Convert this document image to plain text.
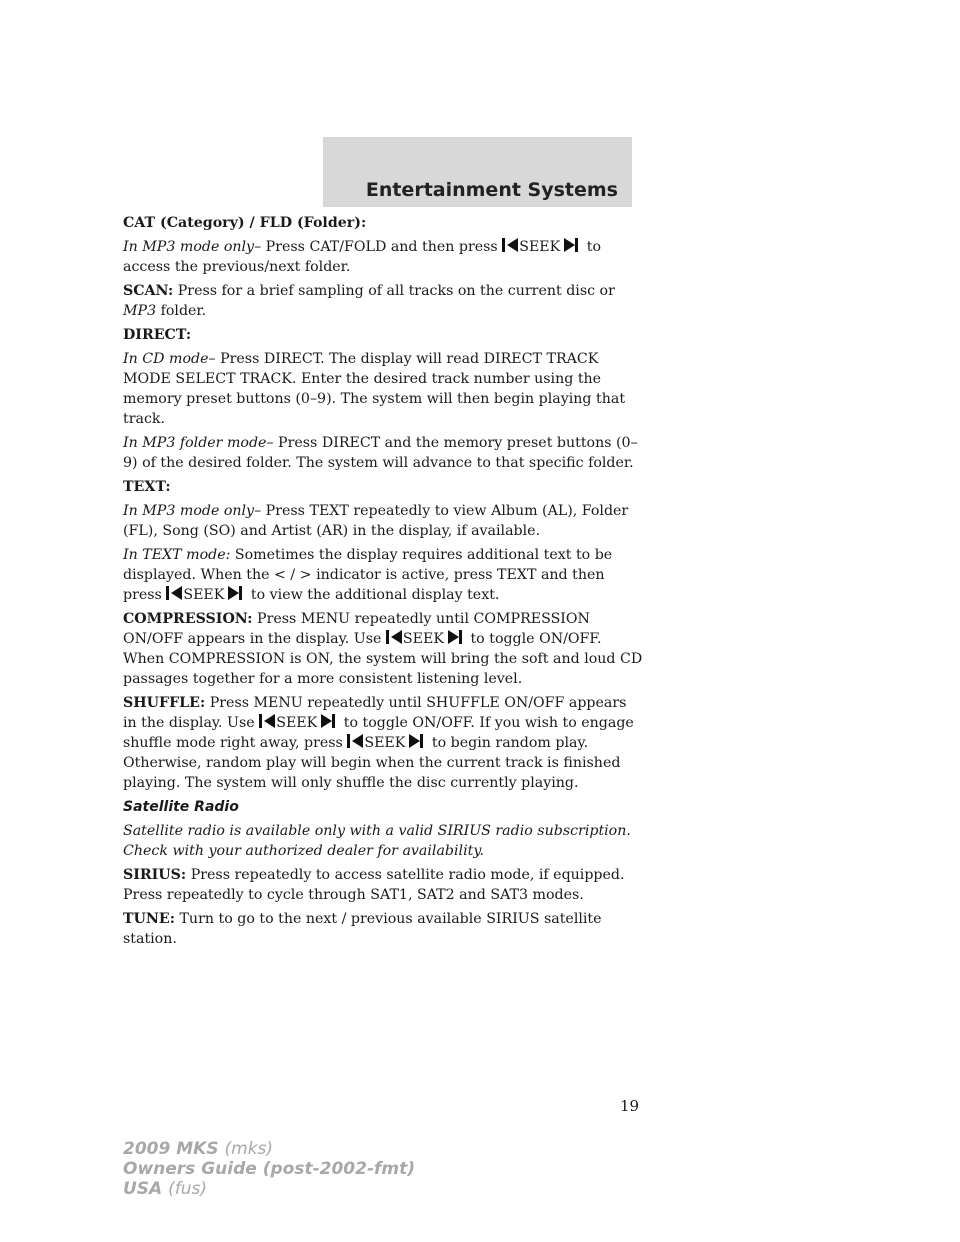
Entertainment Systems

CAT (Category) / FLD (Folder):

In MP3 mode only– Press CAT/FOLD and then press SEEK to access the previous/next folder.

SCAN: Press for a brief sampling of all tracks on the current disc or MP3 folder.

DIRECT:

In CD mode– Press DIRECT. The display will read DIRECT TRACK MODE SELECT TRACK. Enter the desired track number using the memory preset buttons (0–9). The system will then begin playing that track.

In MP3 folder mode– Press DIRECT and the memory preset buttons (0–9) of the desired folder. The system will advance to that specific folder.

TEXT:

In MP3 mode only– Press TEXT repeatedly to view Album (AL), Folder (FL), Song (SO) and Artist (AR) in the display, if available.

In TEXT mode: Sometimes the display requires additional text to be displayed. When the < / > indicator is active, press TEXT and then press SEEK to view the additional display text.

COMPRESSION: Press MENU repeatedly until COMPRESSION ON/OFF appears in the display. Use SEEK to toggle ON/OFF. When COMPRESSION is ON, the system will bring the soft and loud CD passages together for a more consistent listening level.

SHUFFLE: Press MENU repeatedly until SHUFFLE ON/OFF appears in the display. Use SEEK to toggle ON/OFF. If you wish to engage shuffle mode right away, press SEEK to begin random play. Otherwise, random play will begin when the current track is finished playing. The system will only shuffle the disc currently playing.

Satellite Radio

Satellite radio is available only with a valid SIRIUS radio subscription. Check with your authorized dealer for availability.

SIRIUS: Press repeatedly to access satellite radio mode, if equipped. Press repeatedly to cycle through SAT1, SAT2 and SAT3 modes.

TUNE: Turn to go to the next / previous available SIRIUS satellite station.

19
2009 MKS (mks)
Owners Guide (post-2002-fmt)
USA (fus)
